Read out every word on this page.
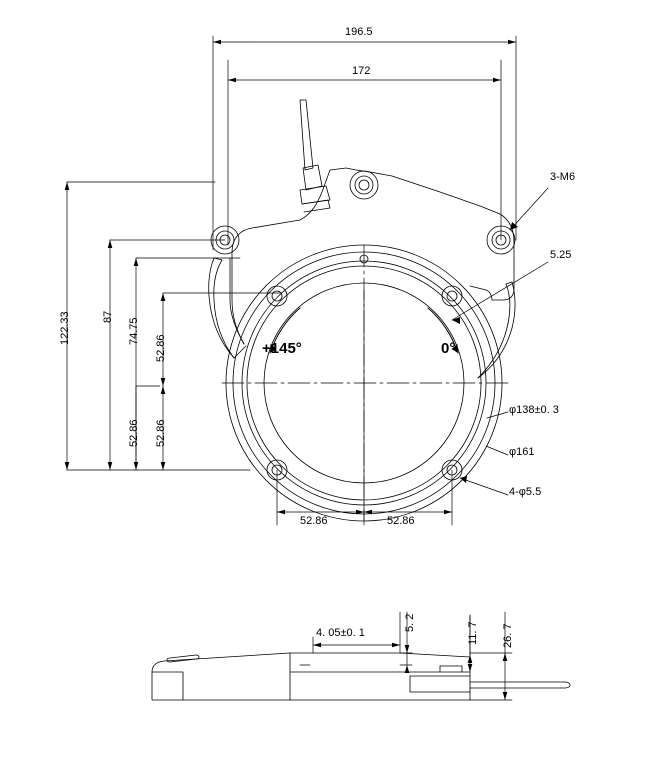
196.5
172
122.33	87
74.75
52.86
52.86
52.86
52.86	52.86
3-M6
5.25
φ138±0. 3
φ161
4-φ5.5
+145°	0°
4. 05±0. 1
5. 2	11. 7 26. 7
